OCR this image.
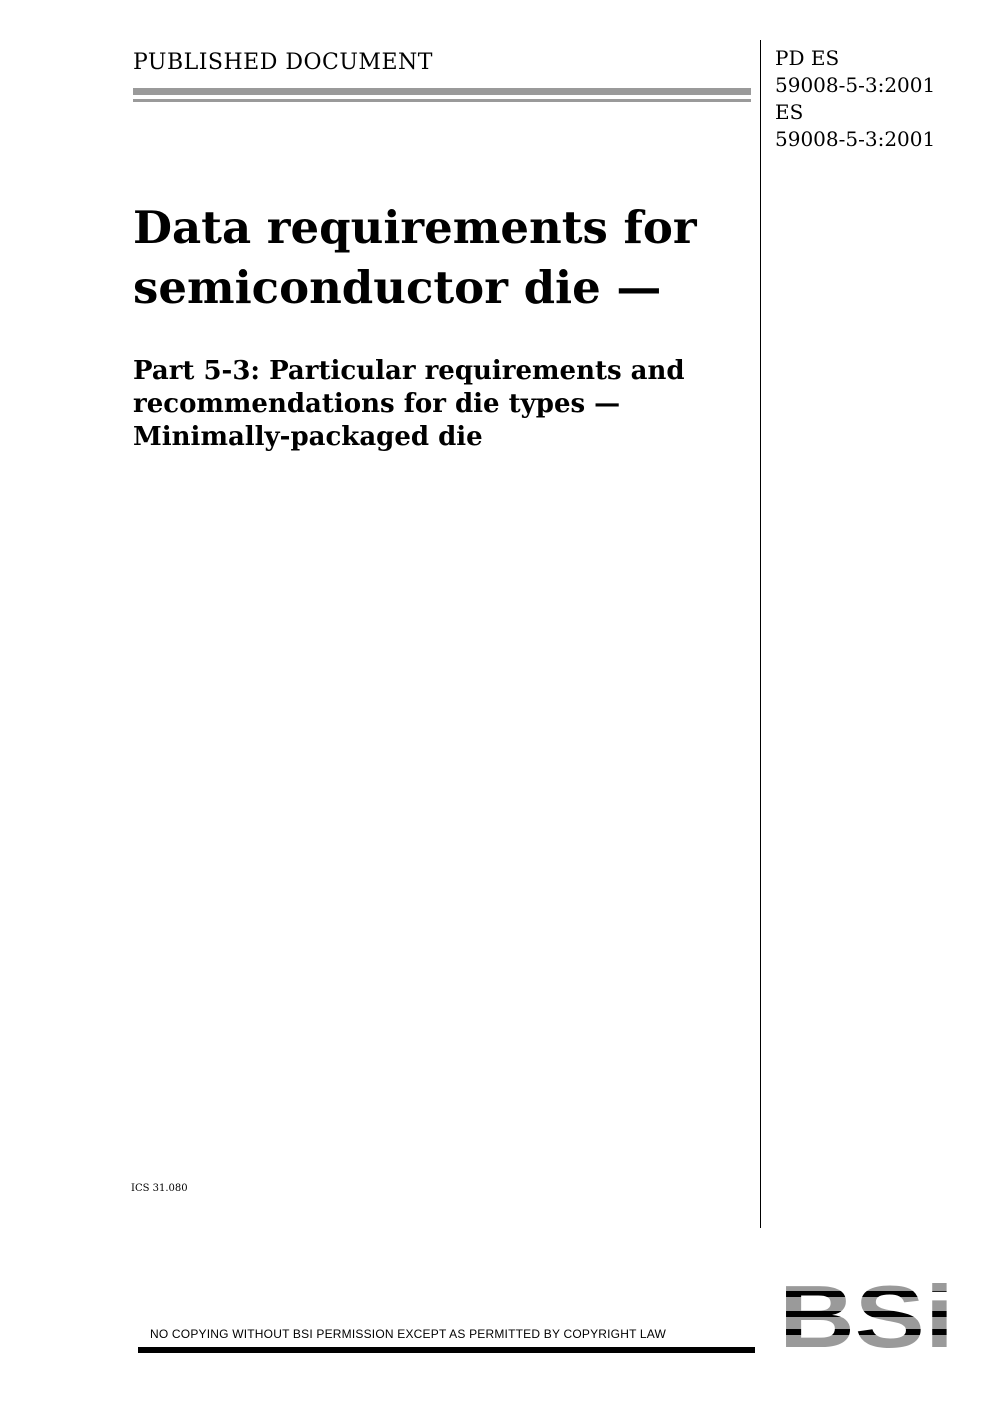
PUBLISHED DOCUMENT	PD ES
59008-5-3:2001
ES
59008-5-3:2001
Data requirements for
semiconductor die —
Part 5-3: Particular requirements and
recommendations for die types —
Minimally-packaged die
ICS 31.080
NO COPYING WITHOUT BSI PERMISSION EXCEPT AS PERMITTED BY COPYRIGHT LAW
